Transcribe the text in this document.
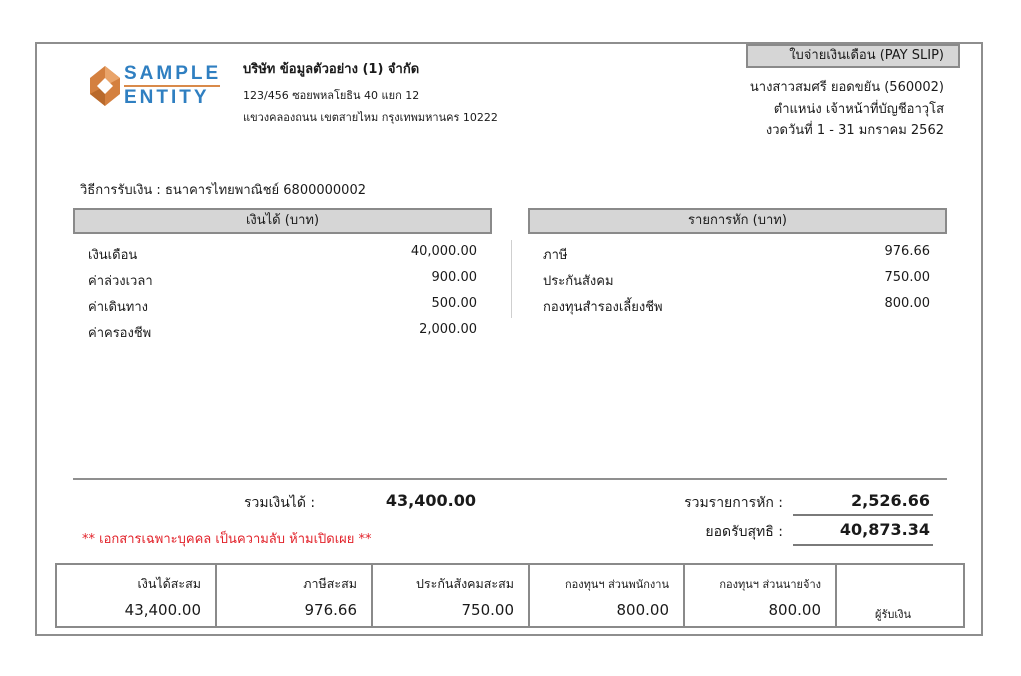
SAMPLE
ENTITY
บริษัท ข้อมูลตัวอย่าง (1) จำกัด
123/456 ซอยพหลโยธิน 40 แยก 12
แขวงคลองถนน เขตสายไหม กรุงเทพมหานคร 10222
ใบจ่ายเงินเดือน (PAY SLIP)
นางสาวสมศรี ยอดขยัน (560002)
ตำแหน่ง เจ้าหน้าที่บัญชีอาวุโส
งวดวันที่ 1 - 31 มกราคม 2562
วิธีการรับเงิน : ธนาคารไทยพาณิชย์ 6800000002
เงินได้ (บาท)	รายการหัก (บาท)
เงินเดือน	40,000.00
ค่าล่วงเวลา	900.00
ค่าเดินทาง	500.00
ค่าครองชีพ	2,000.00
ภาษี	976.66
ประกันสังคม	750.00
กองทุนสำรองเลี้ยงชีพ	800.00
รวมเงินได้ :	43,400.00	รวมรายการหัก :	2,526.66
ยอดรับสุทธิ :	40,873.34
** เอกสารเฉพาะบุคคล เป็นความลับ ห้ามเปิดเผย **
เงินได้สะสม
43,400.00
ภาษีสะสม
976.66
ประกันสังคมสะสม
750.00
กองทุนฯ ส่วนพนักงาน
800.00
กองทุนฯ ส่วนนายจ้าง
800.00	ผู้รับเงิน
